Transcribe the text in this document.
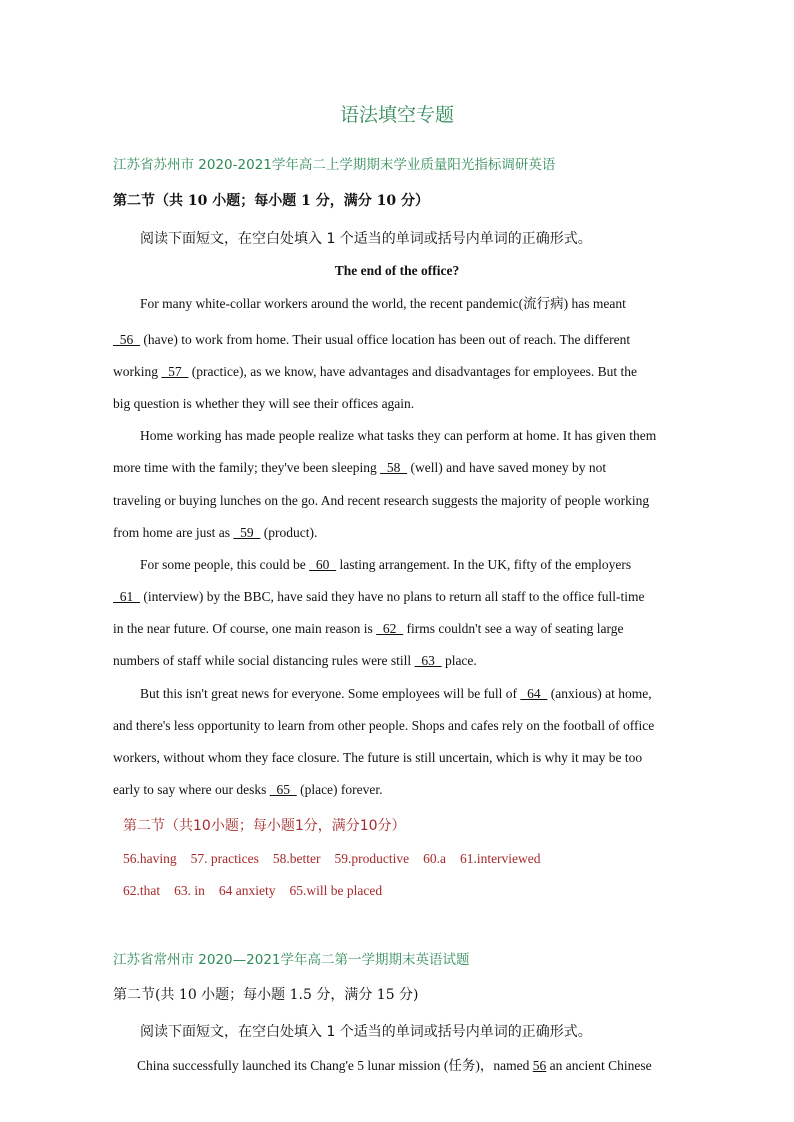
语法填空专题
江苏省苏州市 2020-2021学年高二上学期期末学业质量阳光指标调研英语
第二节（共 10 小题；每小题 1 分，满分 10 分）
阅读下面短文，在空白处填入 1 个适当的单词或括号内单词的正确形式。
The end of the office?
For many white-collar workers around the world, the recent pandemic(流行病) has meant
56   (have) to work from home. Their usual office location has been out of reach. The different
working   57   (practice), as we know, have advantages and disadvantages for employees. But the
big question is whether they will see their offices again.
Home working has made people realize what tasks they can perform at home. It has given them
more time with the family; they've been sleeping   58   (well) and have saved money by not
traveling or buying lunches on the go. And recent research suggests the majority of people working
from home are just as   59   (product).
For some people, this could be   60   lasting arrangement. In the UK, fifty of the employers
61   (interview) by the BBC, have said they have no plans to return all staff to the office full-time
in the near future. Of course, one main reason is   62   firms couldn't see a way of seating large
numbers of staff while social distancing rules were still   63   place.
But this isn't great news for everyone. Some employees will be full of   64   (anxious) at home,
and there's less opportunity to learn from other people. Shops and cafes rely on the football of office
workers, without whom they face closure. The future is still uncertain, which is why it may be too
early to say where our desks   65   (place) forever.
第二节（共10小题；每小题1分，满分10分）
56.having 57. practices 58.better 59.productive 60.a 61.interviewed
62.that 63. in 64 anxiety 65.will be placed
江苏省常州市 2020—2021学年高二第一学期期末英语试题
第二节(共 10 小题；每小题 1.5 分，满分 15 分)
阅读下面短文，在空白处填入 1 个适当的单词或括号内单词的正确形式。
China successfully launched its Chang'e 5 lunar mission (任务)，named 56 an ancient Chinese
